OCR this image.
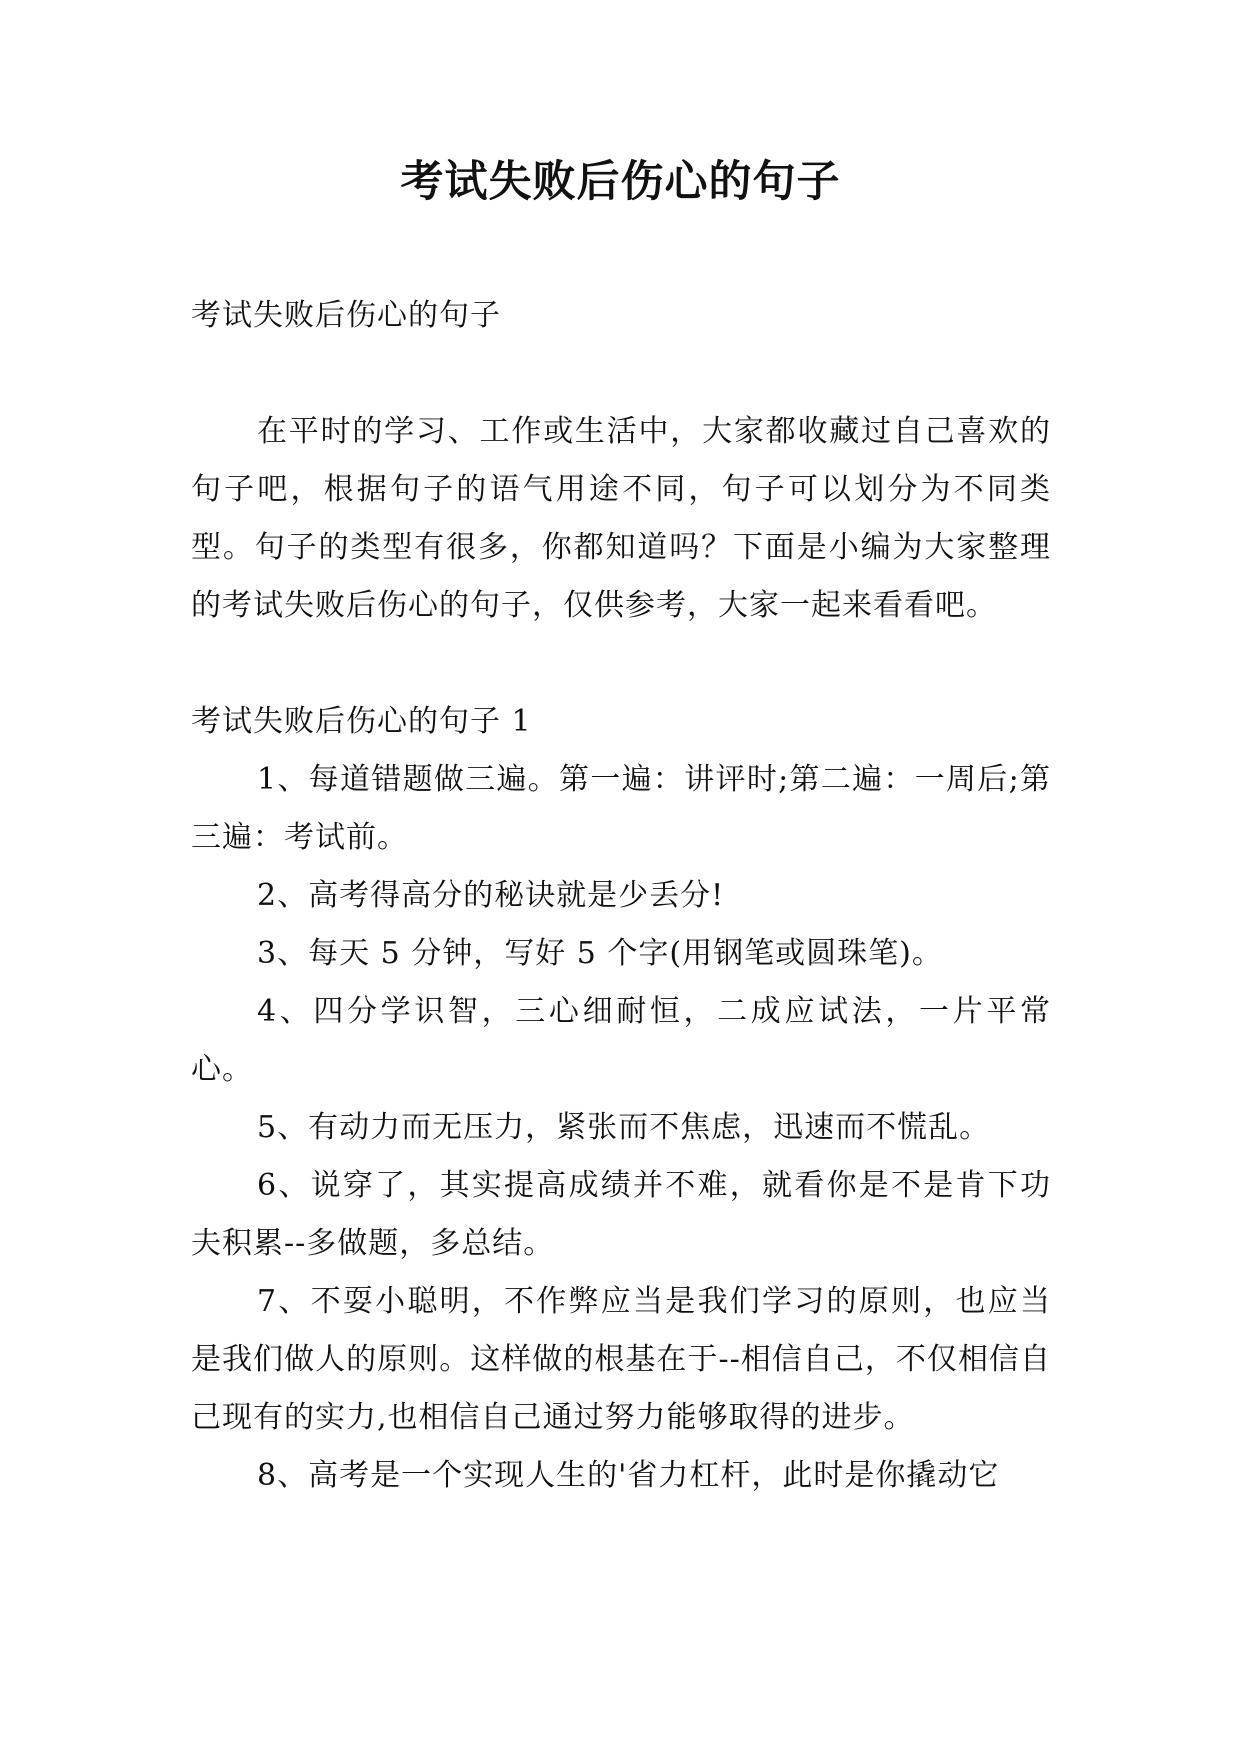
考试失败后伤心的句子

考试失败后伤心的句子

在平时的学习、工作或生活中，大家都收藏过自己喜欢的句子吧，根据句子的语气用途不同，句子可以划分为不同类型。句子的类型有很多，你都知道吗？下面是小编为大家整理的考试失败后伤心的句子，仅供参考，大家一起来看看吧。

考试失败后伤心的句子 1

1、每道错题做三遍。第一遍：讲评时;第二遍：一周后;第三遍：考试前。

2、高考得高分的秘诀就是少丢分!

3、每天 5 分钟，写好 5 个字(用钢笔或圆珠笔)。

4、四分学识智，三心细耐恒，二成应试法，一片平常心。

5、有动力而无压力，紧张而不焦虑，迅速而不慌乱。

6、说穿了，其实提高成绩并不难，就看你是不是肯下功夫积累--多做题，多总结。

7、不耍小聪明，不作弊应当是我们学习的原则，也应当是我们做人的原则。这样做的根基在于--相信自己，不仅相信自己现有的实力,也相信自己通过努力能够取得的进步。

8、高考是一个实现人生的'省力杠杆，此时是你撬动它
